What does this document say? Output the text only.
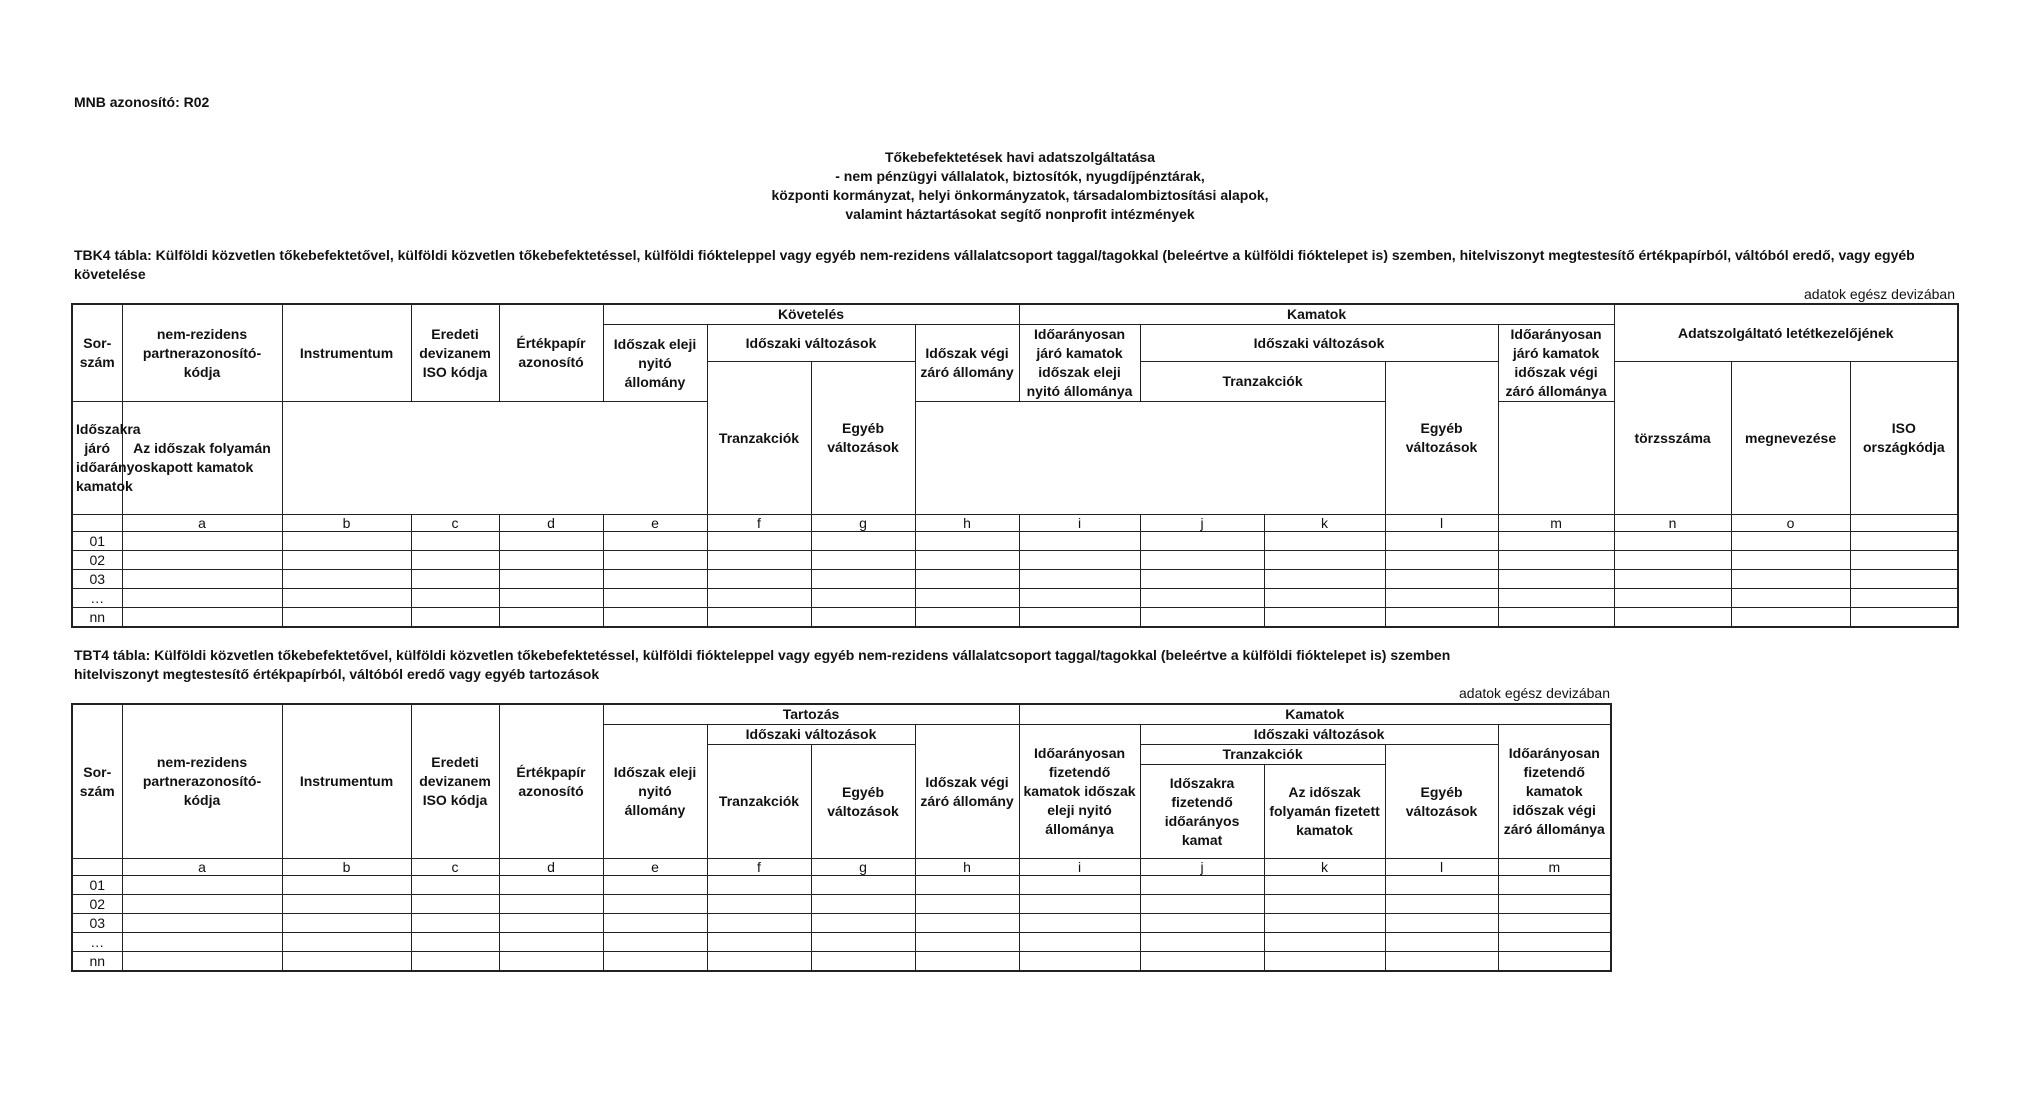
MNB azonosító: R02
Tőkebefektetések havi adatszolgáltatása
- nem pénzügyi vállalatok, biztosítók, nyugdíjpénztárak,
központi kormányzat, helyi önkormányzatok, társadalombiztosítási alapok,
valamint háztartásokat segítő nonprofit intézmények
TBK4 tábla: Külföldi közvetlen tőkebefektetővel, külföldi közvetlen tőkebefektetéssel, külföldi fióktelеppel vagy egyéb nem-rezidens vállalatcsoport taggal/tagokkal (beleértve a külföldi fióktelepet is) szemben, hitelviszonyt megtestesítő értékpapírból, váltóból eredő, vagy egyéb követelése
adatok egész devizában
Sor-szám	nem-rezidens partnerazonosító-kódja	Instrumentum	Eredeti devizanem ISO kódja	Értékpapír azonosító	Követelés				Kamatok					Adatszolgáltató letétkezelőjének		
					Időszak eleji nyitó állomány	Időszaki változások		Időszak végi záró állomány	Időarányosan járó kamatok időszak eleji nyitó állománya	Időszaki változások			Időarányosan járó kamatok időszak végi záró állománya			
						Tranzakciók	Egyéb változások			Tranzakciók		Egyéb változások		törzsszáma	megnevezése	ISO országkódja
Időszakra járó időarányos kamatok	Az időszak folyamán kapott kamatok															
	a	b	c	d	e	f	g	h	i	j	k	l	m	n	o	
01																
02																
03																
…																
nn																
TBT4 tábla: Külföldi közvetlen tőkebefektetővel, külföldi közvetlen tőkebefektetéssel, külföldi fióktelеppel vagy egyéb nem-rezidens vállalatcsoport taggal/tagokkal (beleértve a külföldi fióktelepet is) szemben
hitelviszonyt megtestesítő értékpapírból, váltóból eredő vagy egyéb tartozások
adatok egész devizában
Sor-szám	nem-rezidens partnerazonosító-kódja	Instrumentum	Eredeti devizanem ISO kódja	Értékpapír azonosító	Tartozás				Kamatok				
					Időszak eleji nyitó állomány	Időszaki változások		Időszak végi záró állomány	Időarányosan fizetendő kamatok időszak eleji nyitó állománya	Időszaki változások			Időarányosan fizetendő kamatok időszak végi záró állománya
						Tranzakciók	Egyéb változások			Tranzakciók		Egyéb változások	
										Időszakra fizetendő időarányos kamat	Az időszak folyamán fizetett kamatok		
	a	b	c	d	e	f	g	h	i	j	k	l	m
01													
02													
03													
…													
nn													
